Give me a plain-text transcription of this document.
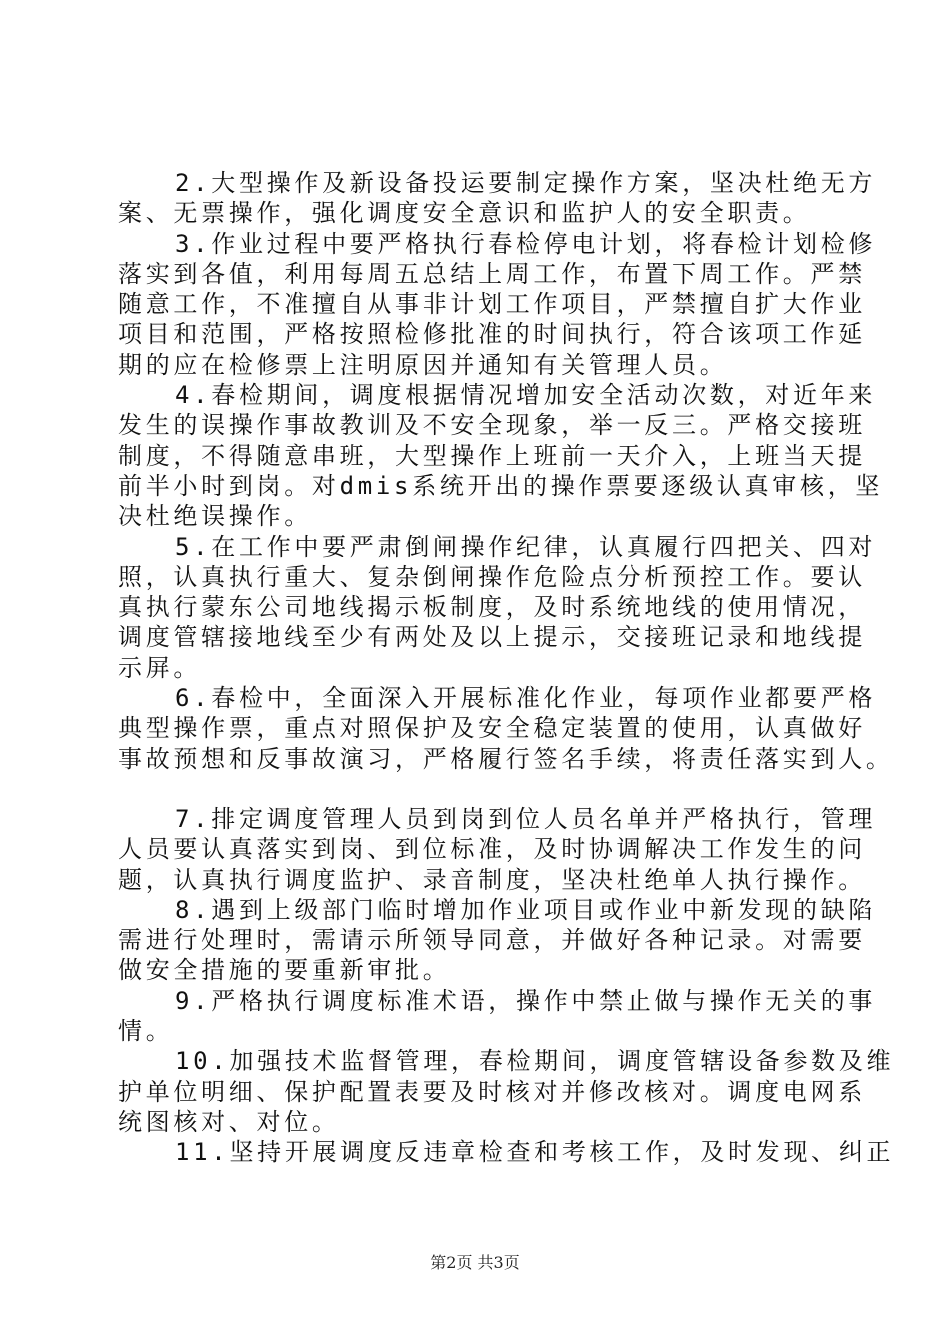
2.大型操作及新设备投运要制定操作方案，坚决杜绝无方
案、无票操作，强化调度安全意识和监护人的安全职责。
3.作业过程中要严格执行春检停电计划，将春检计划检修
落实到各值，利用每周五总结上周工作，布置下周工作。严禁
随意工作，不准擅自从事非计划工作项目，严禁擅自扩大作业
项目和范围，严格按照检修批准的时间执行，符合该项工作延
期的应在检修票上注明原因并通知有关管理人员。
4.春检期间，调度根据情况增加安全活动次数，对近年来
发生的误操作事故教训及不安全现象，举一反三。严格交接班
制度，不得随意串班，大型操作上班前一天介入，上班当天提
前半小时到岗。对dmis系统开出的操作票要逐级认真审核，坚
决杜绝误操作。
5.在工作中要严肃倒闸操作纪律，认真履行四把关、四对
照，认真执行重大、复杂倒闸操作危险点分析预控工作。要认
真执行蒙东公司地线揭示板制度，及时系统地线的使用情况，
调度管辖接地线至少有两处及以上提示，交接班记录和地线提
示屏。
6.春检中，全面深入开展标准化作业，每项作业都要严格
典型操作票，重点对照保护及安全稳定装置的使用，认真做好
事故预想和反事故演习，严格履行签名手续，将责任落实到人。
7.排定调度管理人员到岗到位人员名单并严格执行，管理
人员要认真落实到岗、到位标准，及时协调解决工作发生的问
题，认真执行调度监护、录音制度，坚决杜绝单人执行操作。
8.遇到上级部门临时增加作业项目或作业中新发现的缺陷
需进行处理时，需请示所领导同意，并做好各种记录。对需要
做安全措施的要重新审批。
9.严格执行调度标准术语，操作中禁止做与操作无关的事
情。
10.加强技术监督管理，春检期间，调度管辖设备参数及维
护单位明细、保护配置表要及时核对并修改核对。调度电网系
统图核对、对位。
11.坚持开展调度反违章检查和考核工作，及时发现、纠正
第2页 共3页
